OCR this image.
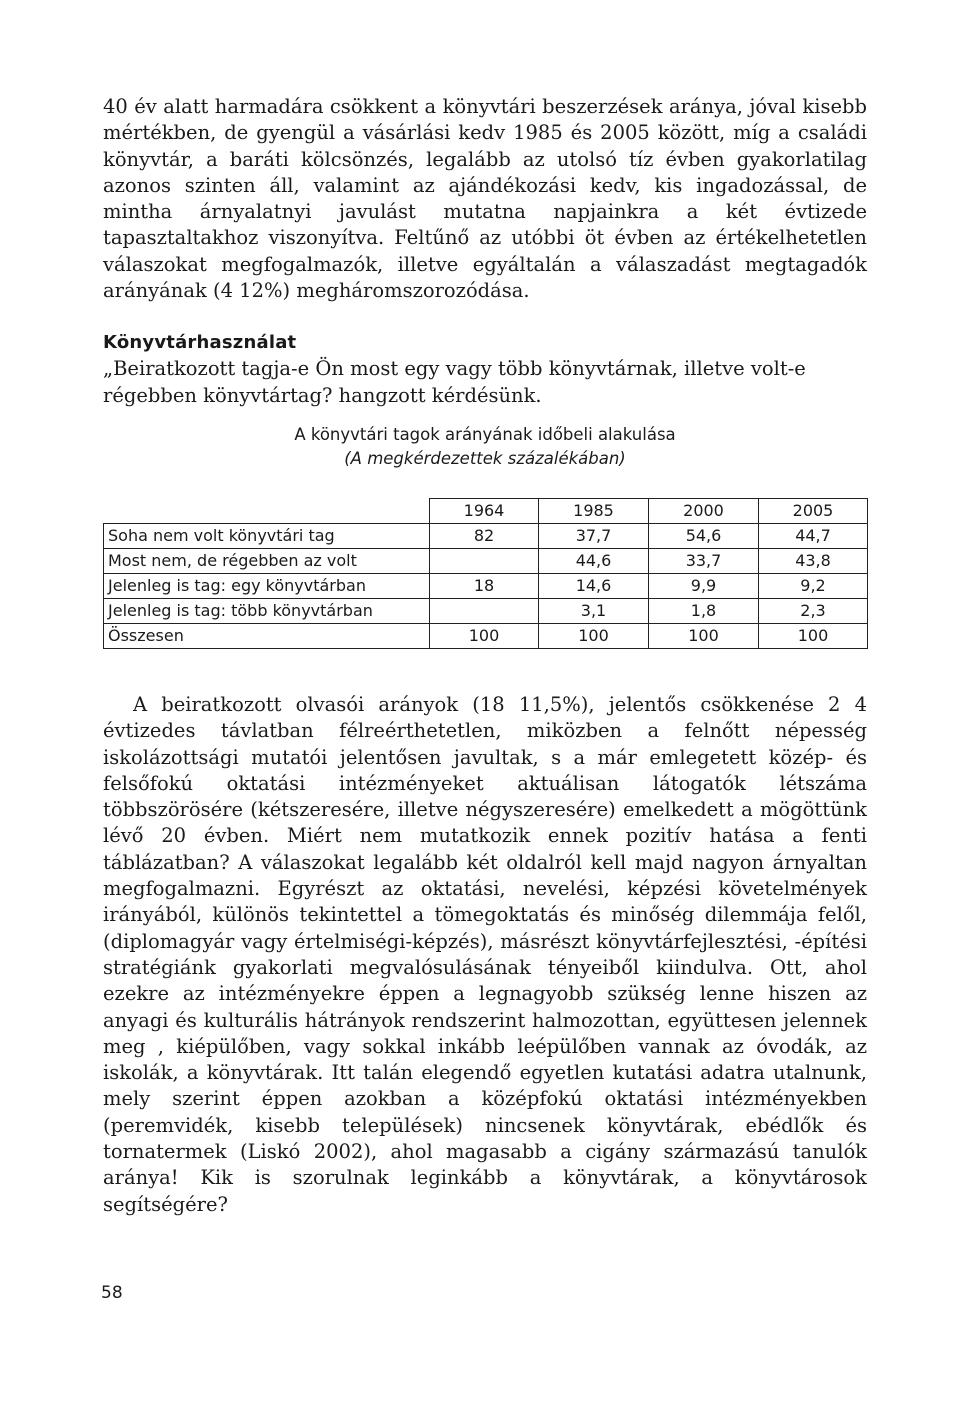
40 év alatt harmadára csökkent a könyvtári beszerzések aránya, jóval kisebb mértékben, de gyengül a vásárlási kedv 1985 és 2005 között, míg a családi könyvtár, a baráti kölcsönzés, legalább az utolsó tíz évben gyakorlatilag azonos szinten áll, valamint az ajándékozási kedv, kis ingadozással, de mintha árnyalatnyi javulást mutatna napjainkra a két évtizede tapasztaltakhoz viszonyítva. Feltűnő az utóbbi öt évben az értékelhetetlen válaszokat megfogalmazók, illetve egyáltalán a válaszadást megtagadók arányának (4 12%) megháromszorozódása.

Könyvtárhasználat

„Beiratkozott tagja-e Ön most egy vagy több könyvtárnak, illetve volt-e régebben könyvtártag? hangzott kérdésünk.

A könyvtári tagok arányának időbeli alakulása

(A megkérdezettek százalékában)

	1964	1985	2000	2005
Soha nem volt könyvtári tag	82	37,7	54,6	44,7
Most nem, de régebben az volt		44,6	33,7	43,8
Jelenleg is tag: egy könyvtárban	18	14,6	9,9	9,2
Jelenleg is tag: több könyvtárban		3,1	1,8	2,3
Összesen	100	100	100	100

A beiratkozott olvasói arányok (18 11,5%), jelentős csökkenése 2 4 évtizedes távlatban félreérthetetlen, miközben a felnőtt népesség iskolázottsági mutatói jelentősen javultak, s a már emlegetett közép- és felsőfokú oktatási intézményeket aktuálisan látogatók létszáma többszörösére (kétszeresére, illetve négyszeresére) emelkedett a mögöttünk lévő 20 évben. Miért nem mutatkozik ennek pozitív hatása a fenti táblázatban? A válaszokat legalább két oldalról kell majd nagyon árnyaltan megfogalmazni. Egyrészt az oktatási, nevelési, képzési követelmények irányából, különös tekintettel a tömegoktatás és minőség dilemmája felől, (diplomagyár vagy értelmiségi-képzés), másrészt könyvtárfejlesztési, -építési stratégiánk gyakorlati megvalósulásának tényeiből kiindulva. Ott, ahol ezekre az intézményekre éppen a legnagyobb szükség lenne hiszen az anyagi és kulturális hátrányok rendszerint halmozottan, együttesen jelennek meg , kiépülőben, vagy sokkal inkább leépülőben vannak az óvodák, az iskolák, a könyvtárak. Itt talán elegendő egyetlen kutatási adatra utalnunk, mely szerint éppen azokban a középfokú oktatási intézményekben (peremvidék, kisebb települések) nincsenek könyvtárak, ebédlők és tornatermek (Liskó 2002), ahol magasabb a cigány származású tanulók aránya! Kik is szorulnak leginkább a könyvtárak, a könyvtárosok segítségére?

58
